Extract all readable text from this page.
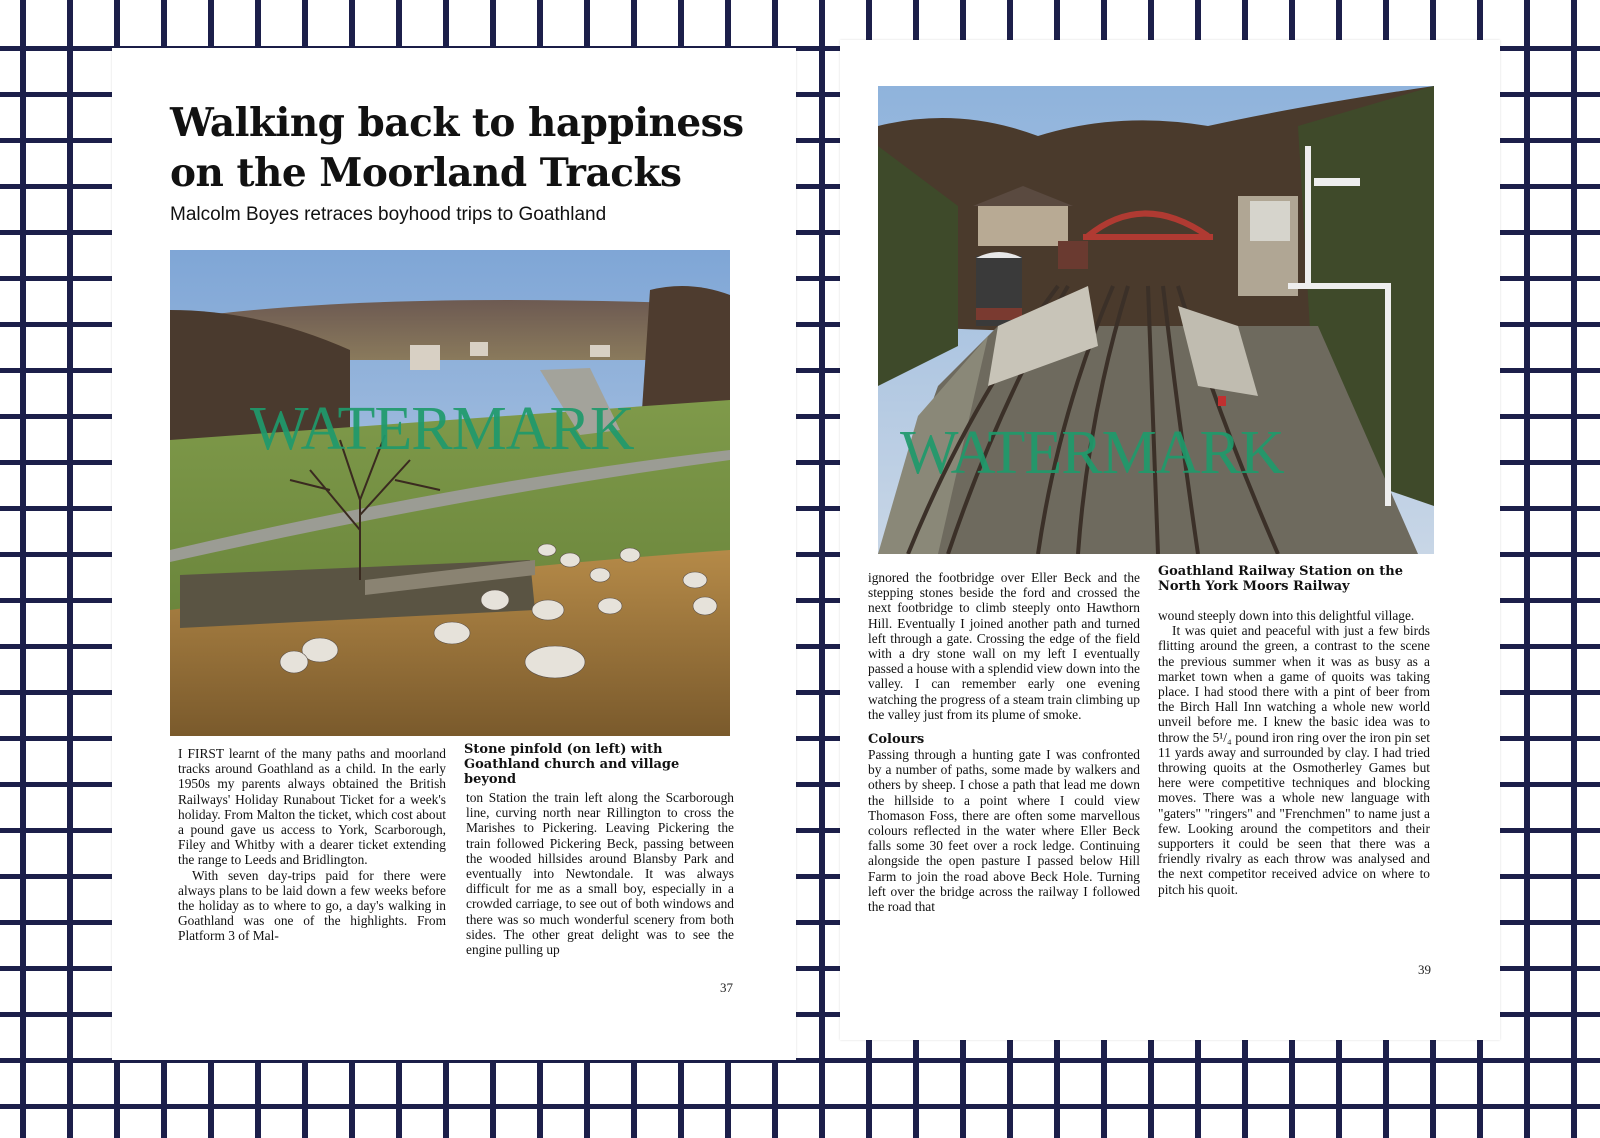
Walking back to happiness
on the Moorland Tracks
Malcolm Boyes retraces boyhood trips to Goathland
WATERMARK
Stone pinfold (on left) with Goathland church and village beyond

I FIRST learnt of the many paths and moorland tracks around Goathland as a child. In the early 1950s my parents always obtained the British Railways' Holiday Runabout Ticket for a week's holiday. From Malton the ticket, which cost about a pound gave us access to York, Scarborough, Filey and Whitby with a dearer ticket extending the range to Leeds and Bridlington.

With seven day-trips paid for there were always plans to be laid down a few weeks before the holiday as to where to go, a day's walking in Goathland was one of the highlights. From Platform 3 of Mal-

ton Station the train left along the Scarborough line, curving north near Rillington to cross the Marishes to Pickering. Leaving Pickering the train followed Pickering Beck, passing between the wooded hillsides around Blansby Park and eventually into Newtondale. It was always difficult for me as a small boy, especially in a crowded carriage, to see out of both windows and there was so much wonderful scenery from both sides. The other great delight was to see the engine pulling up

37
WATERMARK

ignored the footbridge over Eller Beck and the stepping stones beside the ford and crossed the next footbridge to climb steeply onto Hawthorn Hill. Eventually I joined another path and turned left through a gate. Crossing the edge of the field with a dry stone wall on my left I eventually passed a house with a splendid view down into the valley. I can remember early one evening watching the progress of a steam train climbing up the valley just from its plume of smoke.

Colours

Passing through a hunting gate I was confronted by a number of paths, some made by walkers and others by sheep. I chose a path that lead me down the hillside to a point where I could view Thomason Foss, there are often some marvellous colours reflected in the water where Eller Beck falls some 30 feet over a rock ledge. Continuing alongside the open pasture I passed below Hill Farm to join the road above Beck Hole. Turning left over the bridge across the railway I followed the road that

Goathland Railway Station on the North York Moors Railway

wound steeply down into this delightful village.

It was quiet and peaceful with just a few birds flitting around the green, a contrast to the scene the previous summer when it was as busy as a market town when a game of quoits was taking place. I had stood there with a pint of beer from the Birch Hall Inn watching a whole new world unveil before me. I knew the basic idea was to throw the 5¹/₄ pound iron ring over the iron pin set 11 yards away and surrounded by clay. I had tried throwing quoits at the Osmotherley Games but here were competitive techniques and blocking moves. There was a whole new language with "gaters" "ringers" and "Frenchmen" to name just a few. Looking around the competitors and their supporters it could be seen that there was a friendly rivalry as each throw was analysed and the next competitor received advice on where to pitch his quoit.

39
